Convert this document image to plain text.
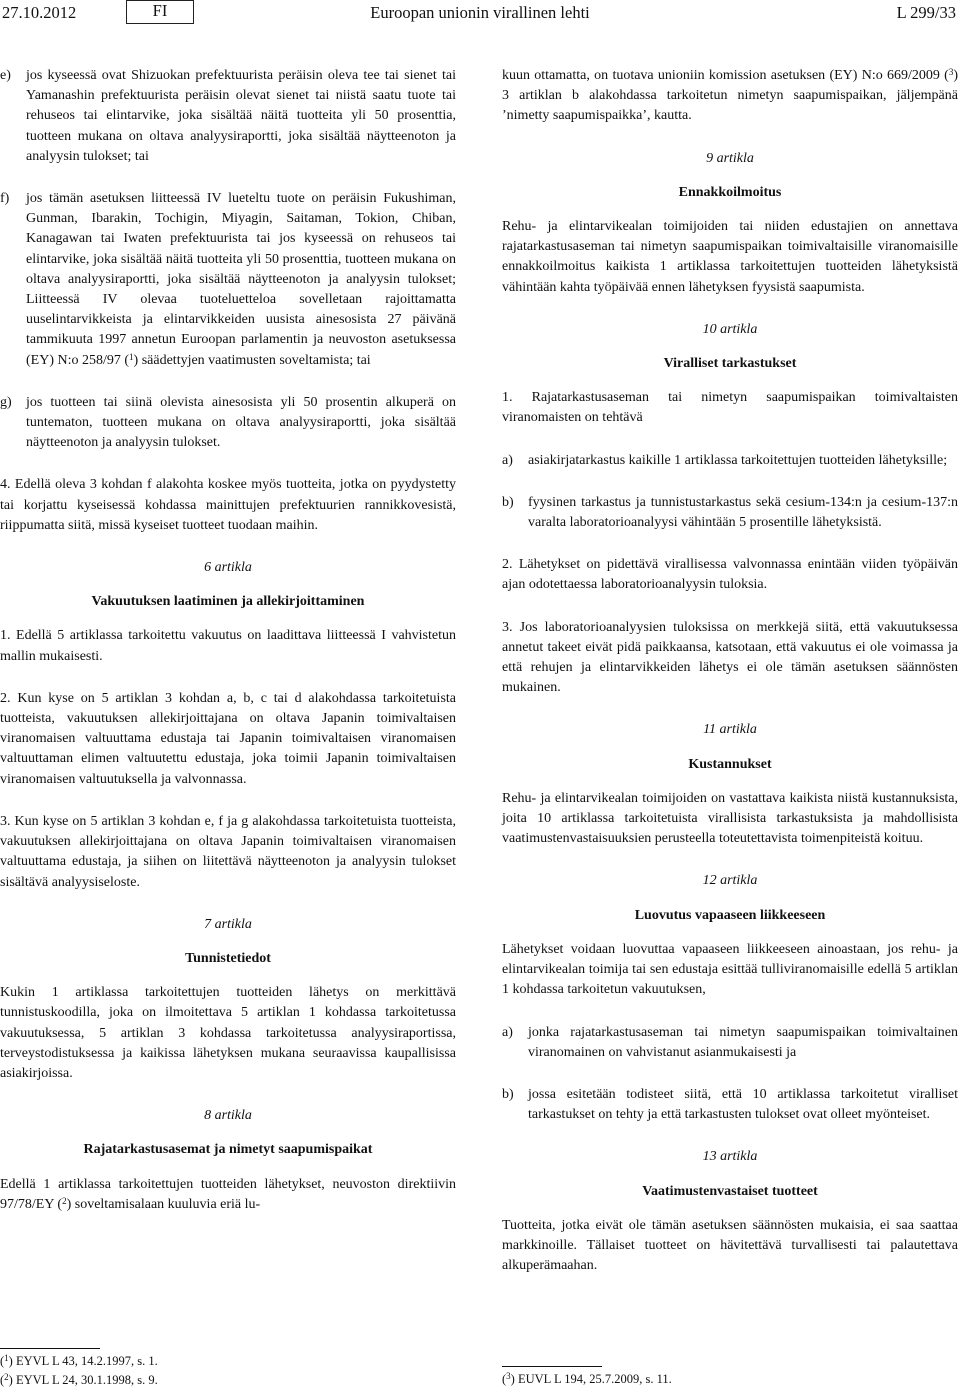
27.10.2012	FI	Euroopan unionin virallinen lehti	L 299/33
e)	jos kyseessä ovat Shizuokan prefektuurista peräisin oleva tee tai sienet tai Yamanashin prefektuurista peräisin olevat sienet tai niistä saatu tuote tai rehuseos tai elintarvike, joka sisältää näitä tuotteita yli 50 prosenttia, tuotteen mukana on oltava analyysiraportti, joka sisältää näytteenoton ja analyysin tulokset; tai
f)	jos tämän asetuksen liitteessä IV lueteltu tuote on peräisin Fukushiman, Gunman, Ibarakin, Tochigin, Miyagin, Saitaman, Tokion, Chiban, Kanagawan tai Iwaten prefektuurista tai jos kyseessä on rehuseos tai elintarvike, joka sisältää näitä tuotteita yli 50 prosenttia, tuotteen mukana on oltava analyysiraportti, joka sisältää näytteenoton ja analyysin tulokset; Liitteessä IV olevaa tuoteluetteloa sovelletaan rajoittamatta uuselintarvikkeista ja elintarvikkeiden uusista ainesosista 27 päivänä tammikuuta 1997 annetun Euroopan parlamentin ja neuvoston asetuksessa (EY) N:o 258/97 ($^1$) säädettyjen vaatimusten soveltamista; tai
g)	jos tuotteen tai siinä olevista ainesosista yli 50 prosentin alkuperä on tuntematon, tuotteen mukana on oltava analyysiraportti, joka sisältää näytteenoton ja analyysin tulokset.

4. Edellä oleva 3 kohdan f alakohta koskee myös tuotteita, jotka on pyydystetty tai korjattu kyseisessä kohdassa mainittujen prefektuurien rannikkovesistä, riippumatta siitä, missä kyseiset tuotteet tuodaan maihin.

6 artikla
Vakuutuksen laatiminen ja allekirjoittaminen

1. Edellä 5 artiklassa tarkoitettu vakuutus on laadittava liitteessä I vahvistetun mallin mukaisesti.

2. Kun kyse on 5 artiklan 3 kohdan a, b, c tai d alakohdassa tarkoitetuista tuotteista, vakuutuksen allekirjoittajana on oltava Japanin toimivaltaisen viranomaisen valtuuttama edustaja tai Japanin toimivaltaisen viranomaisen valtuuttaman elimen valtuutettu edustaja, joka toimii Japanin toimivaltaisen viranomaisen valtuutuksella ja valvonnassa.

3. Kun kyse on 5 artiklan 3 kohdan e, f ja g alakohdassa tarkoitetuista tuotteista, vakuutuksen allekirjoittajana on oltava Japanin toimivaltaisen viranomaisen valtuuttama edustaja, ja siihen on liitettävä näytteenoton ja analyysin tulokset sisältävä analyysiseloste.

7 artikla
Tunnistetiedot

Kukin 1 artiklassa tarkoitettujen tuotteiden lähetys on merkittävä tunnistuskoodilla, joka on ilmoitettava 5 artiklan 1 kohdassa tarkoitetussa vakuutuksessa, 5 artiklan 3 kohdassa tarkoitetussa analyysiraportissa, terveystodistuksessa ja kaikissa lähetyksen mukana seuraavissa kaupallisissa asiakirjoissa.

8 artikla
Rajatarkastusasemat ja nimetyt saapumispaikat

Edellä 1 artiklassa tarkoitettujen tuotteiden lähetykset, neuvoston direktiivin 97/78/EY ($^2$) soveltamisalaan kuuluvia eriä lu-

($^1$) EYVL L 43, 14.2.1997, s. 1.
($^2$) EYVL L 24, 30.1.1998, s. 9.

kuun ottamatta, on tuotava unioniin komission asetuksen (EY) N:o 669/2009 ($^3$) 3 artiklan b alakohdassa tarkoitetun nimetyn saapumispaikan, jäljempänä ’nimetty saapumispaikka’, kautta.

9 artikla
Ennakkoilmoitus

Rehu- ja elintarvikealan toimijoiden tai niiden edustajien on annettava rajatarkastusaseman tai nimetyn saapumispaikan toimivaltaisille viranomaisille ennakkoilmoitus kaikista 1 artiklassa tarkoitettujen tuotteiden lähetyksistä vähintään kahta työpäivää ennen lähetyksen fyysistä saapumista.

10 artikla
Viralliset tarkastukset

1. Rajatarkastusaseman tai nimetyn saapumispaikan toimivaltaisten viranomaisten on tehtävä

a)	asiakirjatarkastus kaikille 1 artiklassa tarkoitettujen tuotteiden lähetyksille;
b)	fyysinen tarkastus ja tunnistustarkastus sekä cesium-134:n ja cesium-137:n varalta laboratorioanalyysi vähintään 5 prosentille lähetyksistä.

2. Lähetykset on pidettävä virallisessa valvonnassa enintään viiden työpäivän ajan odotettaessa laboratorioanalyysin tuloksia.

3. Jos laboratorioanalyysien tuloksissa on merkkejä siitä, että vakuutuksessa annetut takeet eivät pidä paikkaansa, katsotaan, että vakuutus ei ole voimassa ja että rehujen ja elintarvikkeiden lähetys ei ole tämän asetuksen säännösten mukainen.

11 artikla
Kustannukset

Rehu- ja elintarvikealan toimijoiden on vastattava kaikista niistä kustannuksista, joita 10 artiklassa tarkoitetuista virallisista tarkastuksista ja mahdollisista vaatimustenvastaisuuksien perusteella toteutettavista toimenpiteistä koituu.

12 artikla
Luovutus vapaaseen liikkeeseen

Lähetykset voidaan luovuttaa vapaaseen liikkeeseen ainoastaan, jos rehu- ja elintarvikealan toimija tai sen edustaja esittää tulliviranomaisille edellä 5 artiklan 1 kohdassa tarkoitetun vakuutuksen,

a)	jonka rajatarkastusaseman tai nimetyn saapumispaikan toimivaltainen viranomainen on vahvistanut asianmukaisesti ja
b)	jossa esitetään todisteet siitä, että 10 artiklassa tarkoitetut viralliset tarkastukset on tehty ja että tarkastusten tulokset ovat olleet myönteiset.
13 artikla
Vaatimustenvastaiset tuotteet

Tuotteita, jotka eivät ole tämän asetuksen säännösten mukaisia, ei saa saattaa markkinoille. Tällaiset tuotteet on hävitettävä turvallisesti tai palautettava alkuperämaahan.

($^3$) EUVL L 194, 25.7.2009, s. 11.
